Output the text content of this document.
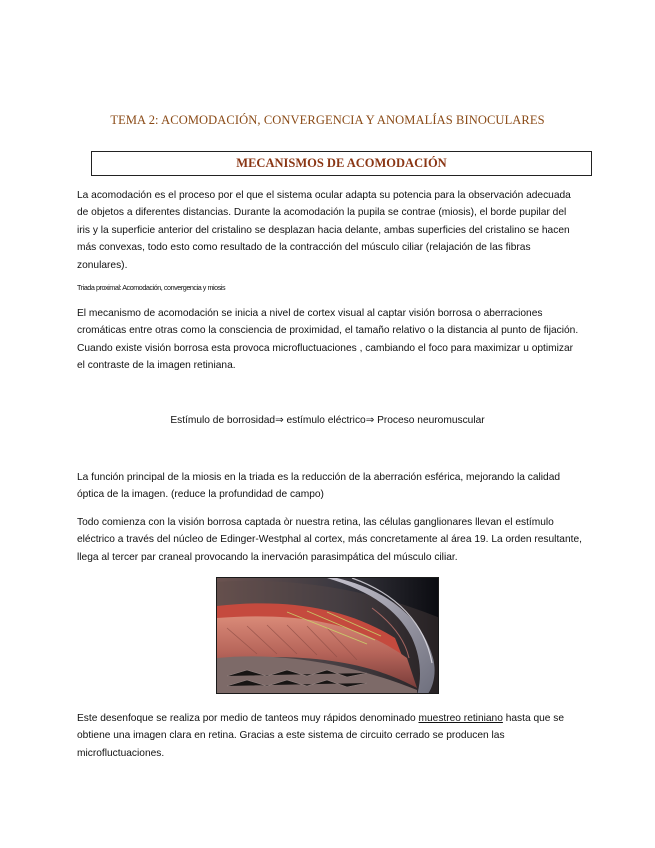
TEMA 2: ACOMODACIÓN, CONVERGENCIA Y ANOMALÍAS BINOCULARES
MECANISMOS DE ACOMODACIÓN

La acomodación es el proceso por el que el sistema ocular adapta su potencia para la observación adecuada de objetos a diferentes distancias. Durante la acomodación la pupila se contrae (miosis), el borde pupilar del iris y la superficie anterior del cristalino se desplazan hacia delante, ambas superficies del cristalino se hacen más convexas, todo esto como resultado de la contracción del músculo ciliar (relajación de las fibras zonulares).

Triada proximal: Acomodación, convergencia y miosis

El mecanismo de acomodación se inicia a nivel de cortex visual al captar visión borrosa o aberraciones cromáticas entre otras como la consciencia de proximidad, el tamaño relativo o la distancia al punto de fijación. Cuando existe visión borrosa esta provoca microfluctuaciones , cambiando el foco para maximizar u optimizar el contraste de la imagen retiniana.

Estímulo de borrosidad⇒ estímulo eléctrico⇒ Proceso neuromuscular

La función principal de la miosis en la triada es la reducción de la aberración esférica, mejorando la calidad óptica de la imagen. (reduce la profundidad de campo)

Todo comienza con la visión borrosa captada òr nuestra retina, las células ganglionares llevan el estímulo eléctrico a través del núcleo de Edinger-Westphal al cortex, más concretamente al área 19. La orden resultante, llega al tercer par craneal provocando la inervación parasimpática del músculo ciliar.

Este desenfoque se realiza por medio de tanteos muy rápidos denominado muestreo retiniano hasta que se obtiene una imagen clara en retina. Gracias a este sistema de circuito cerrado se producen las microfluctuaciones.
